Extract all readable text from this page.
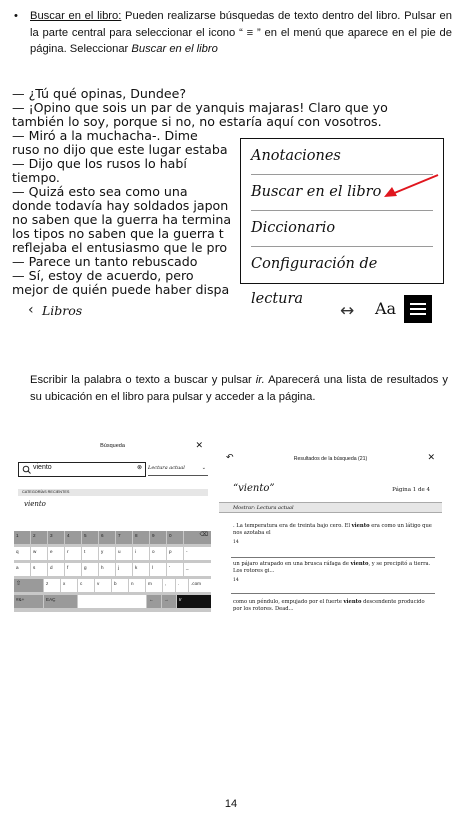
•	Buscar en el libro: Pueden realizarse búsquedas de texto dentro del libro. Pulsar en la parte central para seleccionar el icono “ ≡ ” en el menú que aparece en el pie de página. Seleccionar Buscar en el libro
— ¿Tú qué opinas, Dundee?
— ¡Opino que sois un par de yanquis majaras! Claro que yo
también lo soy, porque si no, no estaría aquí con vosotros.
— Miró a la muchacha-. Dime
ruso no dijo que este lugar estaba
— Dijo que los rusos lo habí
tiempo.
— Quizá esto sea como una
donde todavía hay soldados japon
no saben que la guerra ha termina
los tipos no saben que la guerra t
reflejaba el entusiasmo que le pro
— Parece un tanto rebuscado
— Sí, estoy de acuerdo, pero
mejor de quién puede haber dispa
Anotaciones
Buscar en el libro
Diccionario
Configuración de lectura
‹ Libros	↔ Aa
Escribir la palabra o texto a buscar y pulsar ir. Aparecerá una lista de resultados y su ubicación en el libro para pulsar y acceder a la página.
Búsqueda	✕
viento	⊗ Lectura actual	⌄
CATEGORÍAS RECIENTES
viento
1	2	3	4	5	6	7	8	9	0	⌫
q	w	e	r	t	y	u	i	o	p	-
a	s	d	f	g	h	j	k	l	'	_
⇧	z	x	c	v	b	n	m	,	.	.com
#&+	EAÇ	←	→	Ir
↶	Resultados de la búsqueda (21)	✕
“viento”	Página 1 de 4
Mostrar: Lectura actual
. La temperatura era de treinta bajo cero. El viento era como un látigo que nos azotaba el
14
un pájaro atrapado en una brusca ráfaga de viento, y se precipitó a tierra. Los rotores gi...
14
como un péndulo, empujado por el fuerte viento descendente producido por los rotores. Dead...
14
